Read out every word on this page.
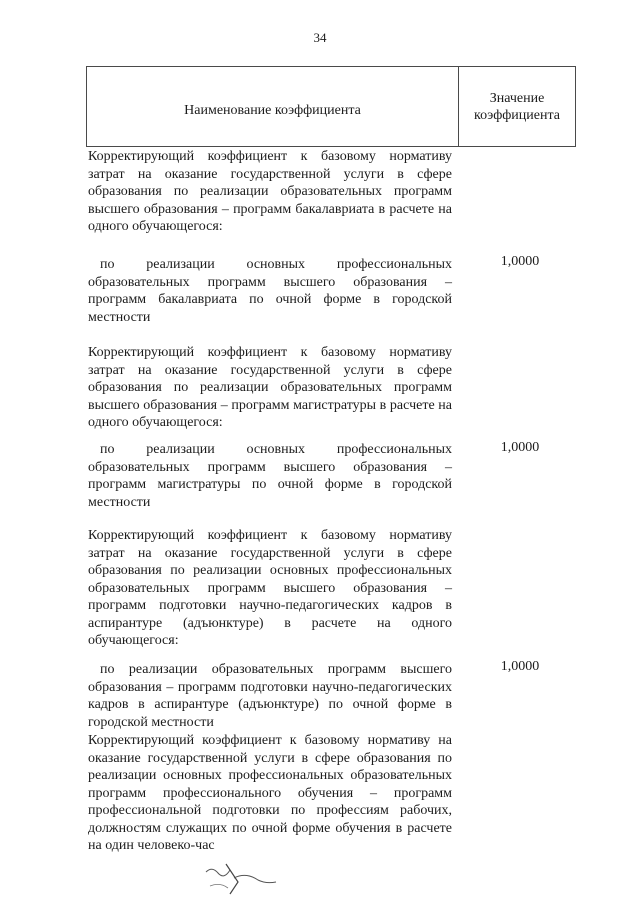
34
Наименование коэффициента
Значение коэффициента
Корректирующий коэффициент к базовому нормативу затрат на оказание государственной услуги в сфере образования по реализации образовательных программ высшего образования – программ бакалавриата в расчете на одного обучающегося:
по реализации основных профессиональных образовательных программ высшего образования – программ бакалавриата по очной форме в городской местности
1,0000
Корректирующий коэффициент к базовому нормативу затрат на оказание государственной услуги в сфере образования по реализации образовательных программ высшего образования – программ магистратуры в расчете на одного обучающегося:
по реализации основных профессиональных образовательных программ высшего образования – программ магистратуры по очной форме в городской местности
1,0000
Корректирующий коэффициент к базовому нормативу затрат на оказание государственной услуги в сфере образования по реализации основных профессиональных образовательных программ высшего образования – программ подготовки научно-педагогических кадров в аспирантуре (адъюнктуре) в расчете на одного обучающегося:
по реализации образовательных программ высшего образования – программ подготовки научно-педагогических кадров в аспирантуре (адъюнктуре) по очной форме в городской местности
1,0000
Корректирующий коэффициент к базовому нормативу на оказание государственной услуги в сфере образования по реализации основных профессиональных образовательных программ профессионального обучения – программ профессиональной подготовки по профессиям рабочих, должностям служащих по очной форме обучения в расчете на один человеко-час
